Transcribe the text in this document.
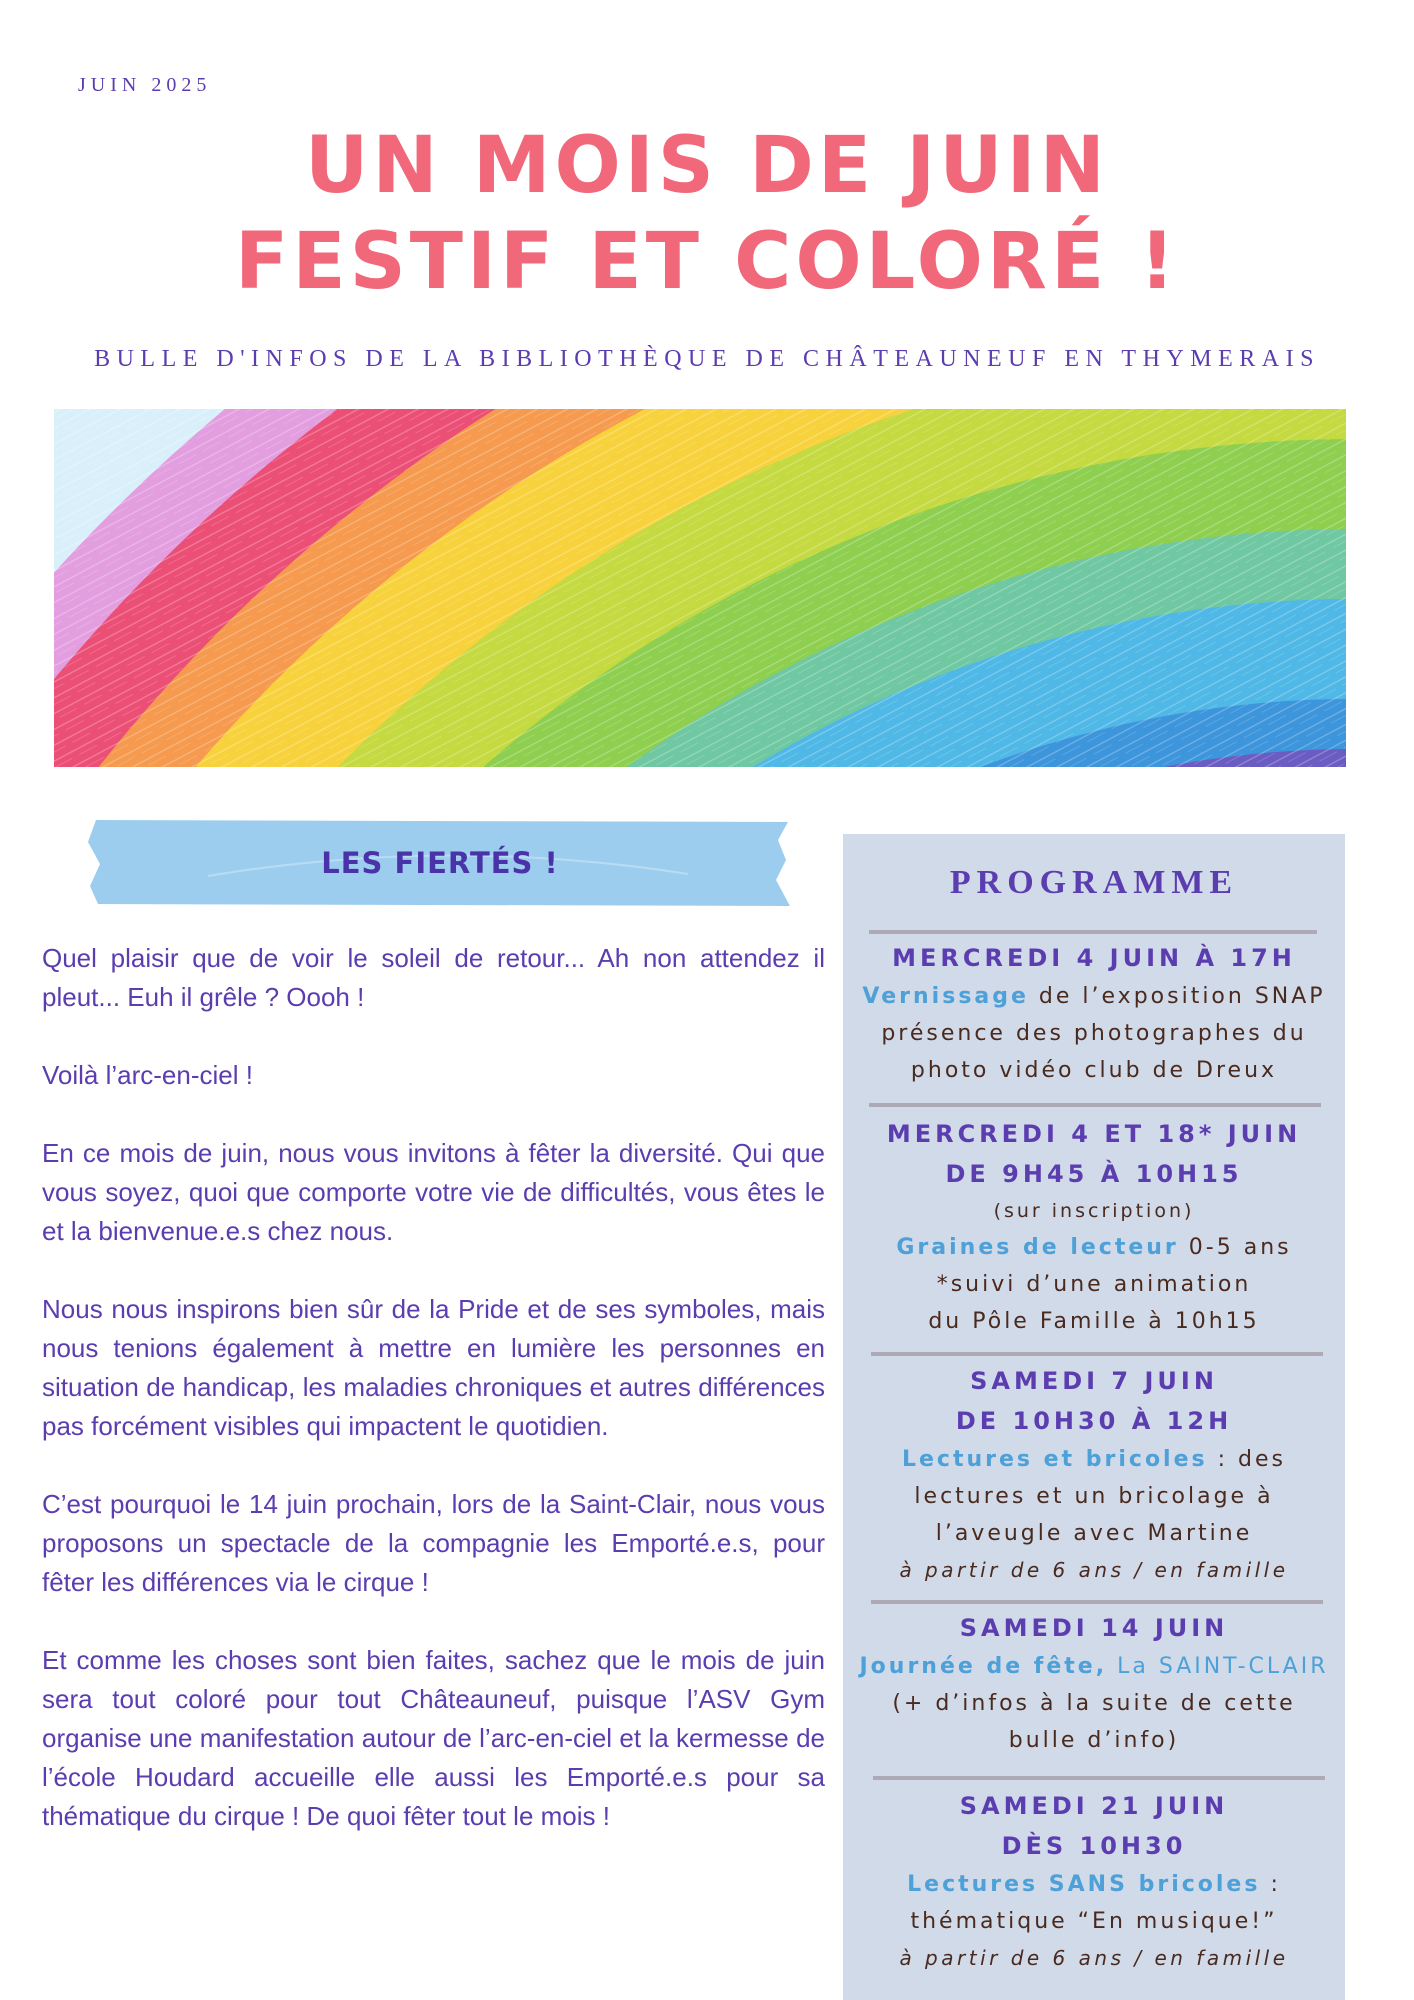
JUIN 2025
UN MOIS DE JUIN
FESTIF ET COLORÉ !
BULLE D'INFOS DE LA BIBLIOTHÈQUE DE CHÂTEAUNEUF EN THYMERAIS
LES FIERTÉS !

Quel plaisir que de voir le soleil de retour... Ah non attendez il pleut... Euh il grêle ? Oooh !

Voilà l’arc-en-ciel !

En ce mois de juin, nous vous invitons à fêter la diversité. Qui que vous soyez, quoi que comporte votre vie de difficultés, vous êtes le et la bienvenue.e.s chez nous.

Nous nous inspirons bien sûr de la Pride et de ses symboles, mais nous tenions également à mettre en lumière les personnes en situation de handicap, les maladies chroniques et autres différences pas forcément visibles qui impactent le quotidien.

C’est pourquoi le 14 juin prochain, lors de la Saint-Clair, nous vous proposons un spectacle de la compagnie les Emporté.e.s, pour fêter les différences via le cirque !

Et comme les choses sont bien faites, sachez que le mois de juin sera tout coloré pour tout Châteauneuf, puisque l’ASV Gym organise une manifestation autour de l’arc-en-ciel et la kermesse de l’école Houdard accueille elle aussi les Emporté.e.s pour sa thématique du cirque ! De quoi fêter tout le mois !

PROGRAMME
MERCREDI 4 JUIN À 17H
Vernissage de l’exposition SNAP
présence des photographes du
photo vidéo club de Dreux
MERCREDI 4 ET 18* JUIN
DE 9H45 À 10H15
(sur inscription)
Graines de lecteur 0-5 ans
*suivi d’une animation
du Pôle Famille à 10h15
SAMEDI 7 JUIN
DE 10H30 À 12H
Lectures et bricoles : des
lectures et un bricolage à
l’aveugle avec Martine
à partir de 6 ans / en famille
SAMEDI 14 JUIN
Journée de fête, La SAINT-CLAIR
(+ d’infos à la suite de cette
bulle d’info)
SAMEDI 21 JUIN
DÈS 10H30
Lectures SANS bricoles :
thématique “En musique!”
à partir de 6 ans / en famille
